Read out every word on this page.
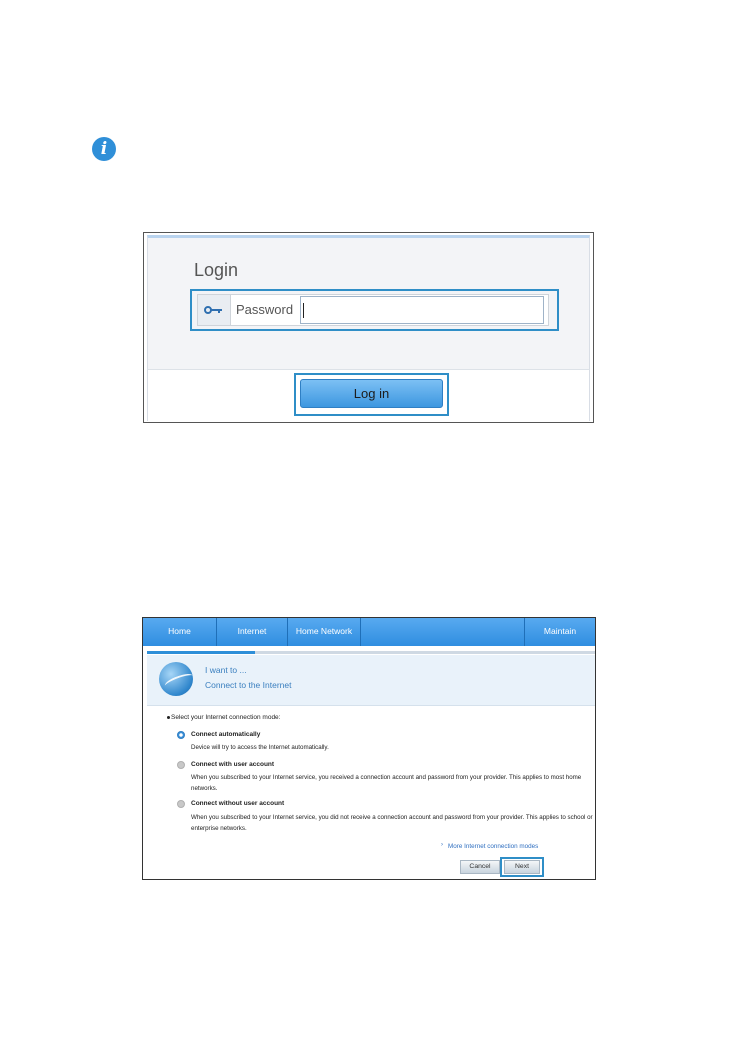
i
Login
Password
Log in
Home	Internet	Home Network	Maintain
I want to ...
Connect to the Internet
Select your Internet connection mode:
Connect automatically
Device will try to access the Internet automatically.
Connect with user account
When you subscribed to your Internet service, you received a connection account and password from your provider. This applies to most home networks.
Connect without user account
When you subscribed to your Internet service, you did not receive a connection account and password from your provider. This applies to school or enterprise networks.
› More Internet connection modes
Cancel	Next
